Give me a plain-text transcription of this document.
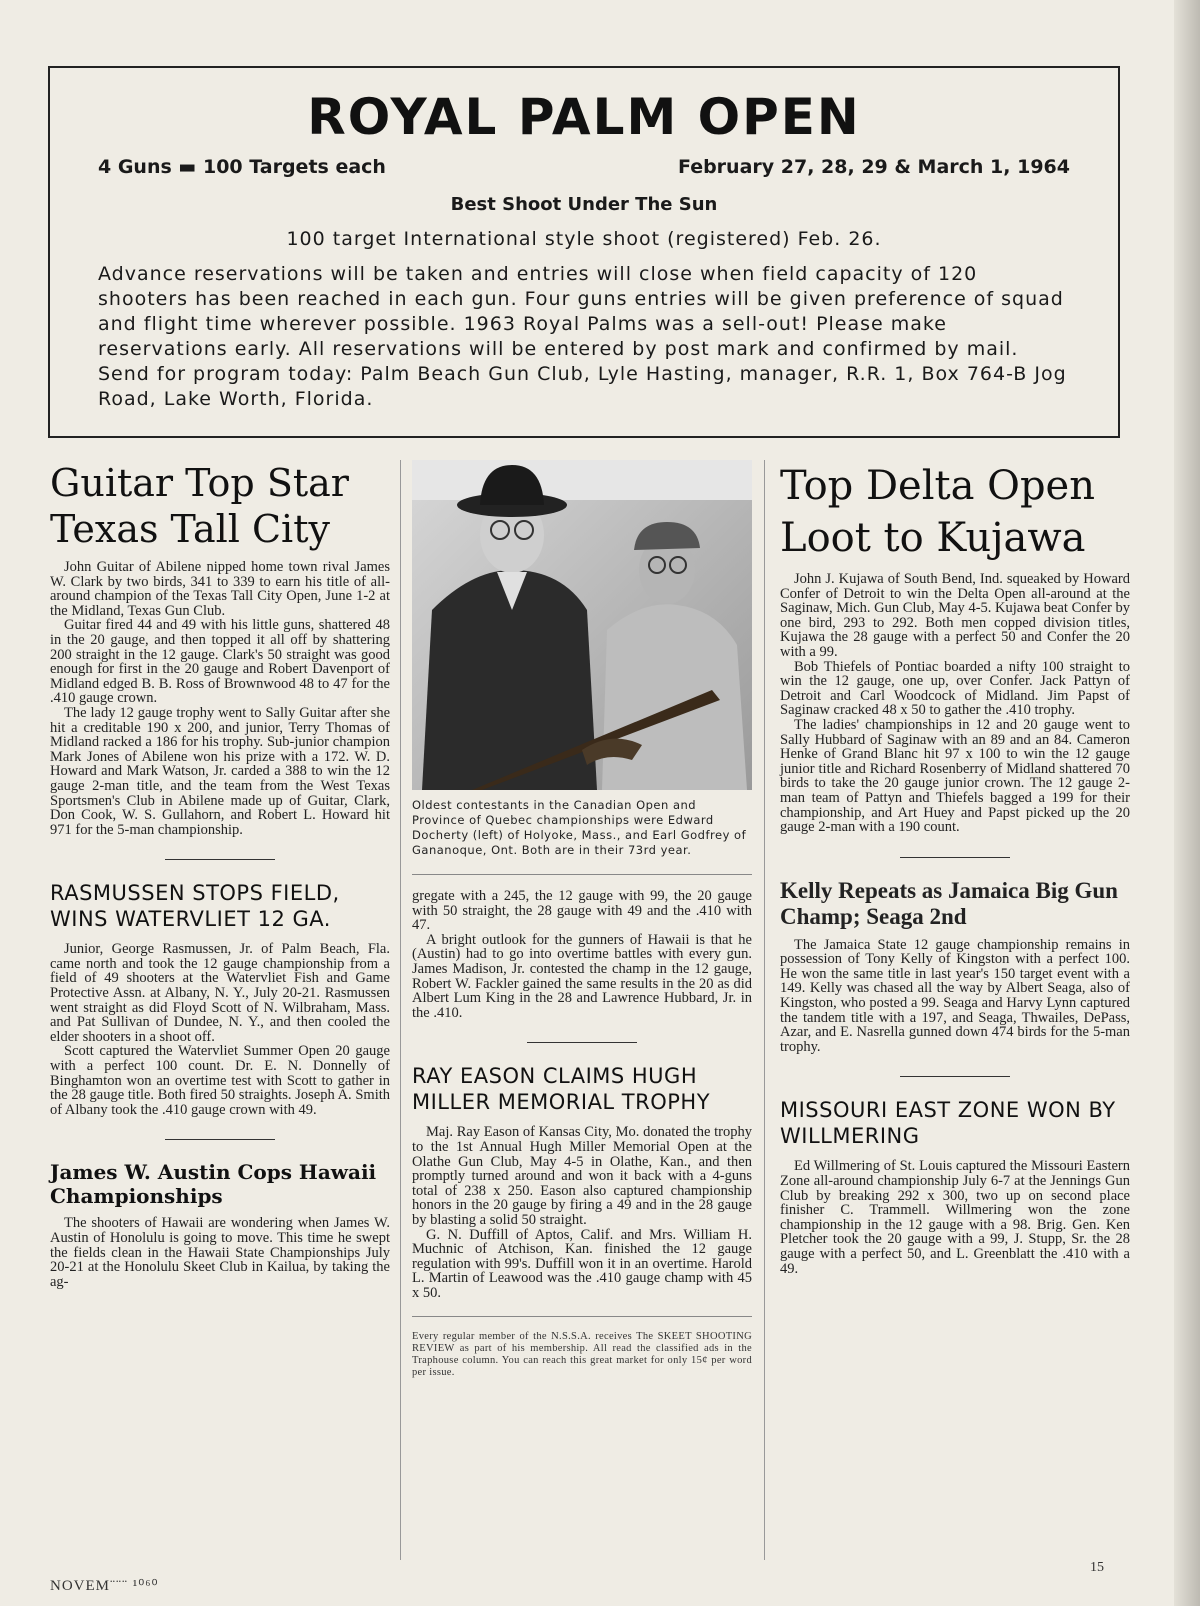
ROYAL PALM OPEN
4 Guns ▬ 100 Targets each	February 27, 28, 29 & March 1, 1964
Best Shoot Under The Sun
100 target International style shoot (registered) Feb. 26.
Advance reservations will be taken and entries will close when field capacity of 120 shooters has been reached in each gun. Four guns entries will be given preference of squad and flight time wherever possible. 1963 Royal Palms was a sell-out! Please make reservations early. All reservations will be entered by post mark and confirmed by mail. Send for program today: Palm Beach Gun Club, Lyle Hasting, manager, R.R. 1, Box 764-B Jog Road, Lake Worth, Florida.
Guitar Top Star Texas Tall City

John Guitar of Abilene nipped home town rival James W. Clark by two birds, 341 to 339 to earn his title of all-around champion of the Texas Tall City Open, June 1-2 at the Midland, Texas Gun Club.

Guitar fired 44 and 49 with his little guns, shattered 48 in the 20 gauge, and then topped it all off by shattering 200 straight in the 12 gauge. Clark's 50 straight was good enough for first in the 20 gauge and Robert Davenport of Midland edged B. B. Ross of Brownwood 48 to 47 for the .410 gauge crown.

The lady 12 gauge trophy went to Sally Guitar after she hit a creditable 190 x 200, and junior, Terry Thomas of Midland racked a 186 for his trophy. Sub-junior champion Mark Jones of Abilene won his prize with a 172. W. D. Howard and Mark Watson, Jr. carded a 388 to win the 12 gauge 2-man title, and the team from the West Texas Sportsmen's Club in Abilene made up of Guitar, Clark, Don Cook, W. S. Gullahorn, and Robert L. Howard hit 971 for the 5-man championship.

RASMUSSEN STOPS FIELD, WINS WATERVLIET 12 GA.

Junior, George Rasmussen, Jr. of Palm Beach, Fla. came north and took the 12 gauge championship from a field of 49 shooters at the Watervliet Fish and Game Protective Assn. at Albany, N. Y., July 20-21. Rasmussen went straight as did Floyd Scott of N. Wilbraham, Mass. and Pat Sullivan of Dundee, N. Y., and then cooled the elder shooters in a shoot off.

Scott captured the Watervliet Summer Open 20 gauge with a perfect 100 count. Dr. E. N. Donnelly of Binghamton won an overtime test with Scott to gather in the 28 gauge title. Both fired 50 straights. Joseph A. Smith of Albany took the .410 gauge crown with 49.

James W. Austin Cops Hawaii Championships

The shooters of Hawaii are wondering when James W. Austin of Honolulu is going to move. This time he swept the fields clean in the Hawaii State Championships July 20-21 at the Honolulu Skeet Club in Kailua, by taking the ag-

Oldest contestants in the Canadian Open and Province of Quebec championships were Edward Docherty (left) of Holyoke, Mass., and Earl Godfrey of Gananoque, Ont. Both are in their 73rd year.

gregate with a 245, the 12 gauge with 99, the 20 gauge with 50 straight, the 28 gauge with 49 and the .410 with 47.

A bright outlook for the gunners of Hawaii is that he (Austin) had to go into overtime battles with every gun. James Madison, Jr. contested the champ in the 12 gauge, Robert W. Fackler gained the same results in the 20 as did Albert Lum King in the 28 and Lawrence Hubbard, Jr. in the .410.

RAY EASON CLAIMS HUGH MILLER MEMORIAL TROPHY

Maj. Ray Eason of Kansas City, Mo. donated the trophy to the 1st Annual Hugh Miller Memorial Open at the Olathe Gun Club, May 4-5 in Olathe, Kan., and then promptly turned around and won it back with a 4-guns total of 238 x 250. Eason also captured championship honors in the 20 gauge by firing a 49 and in the 28 gauge by blasting a solid 50 straight.

G. N. Duffill of Aptos, Calif. and Mrs. William H. Muchnic of Atchison, Kan. finished the 12 gauge regulation with 99's. Duffill won it in an overtime. Harold L. Martin of Leawood was the .410 gauge champ with 45 x 50.

Every regular member of the N.S.S.A. receives The SKEET SHOOTING REVIEW as part of his membership. All read the classified ads in the Traphouse column. You can reach this great market for only 15¢ per word per issue.

Top Delta Open Loot to Kujawa

John J. Kujawa of South Bend, Ind. squeaked by Howard Confer of Detroit to win the Delta Open all-around at the Saginaw, Mich. Gun Club, May 4-5. Kujawa beat Confer by one bird, 293 to 292. Both men copped division titles, Kujawa the 28 gauge with a perfect 50 and Confer the 20 with a 99.

Bob Thiefels of Pontiac boarded a nifty 100 straight to win the 12 gauge, one up, over Confer. Jack Pattyn of Detroit and Carl Woodcock of Midland. Jim Papst of Saginaw cracked 48 x 50 to gather the .410 trophy.

The ladies' championships in 12 and 20 gauge went to Sally Hubbard of Saginaw with an 89 and an 84. Cameron Henke of Grand Blanc hit 97 x 100 to win the 12 gauge junior title and Richard Rosenberry of Midland shattered 70 birds to take the 20 gauge junior crown. The 12 gauge 2-man team of Pattyn and Thiefels bagged a 199 for their championship, and Art Huey and Papst picked up the 20 gauge 2-man with a 190 count.

Kelly Repeats as Jamaica Big Gun Champ; Seaga 2nd

The Jamaica State 12 gauge championship remains in possession of Tony Kelly of Kingston with a perfect 100. He won the same title in last year's 150 target event with a 149. Kelly was chased all the way by Albert Seaga, also of Kingston, who posted a 99. Seaga and Harvy Lynn captured the tandem title with a 197, and Seaga, Thwailes, DePass, Azar, and E. Nasrella gunned down 474 birds for the 5-man trophy.

MISSOURI EAST ZONE WON BY WILLMERING

Ed Willmering of St. Louis captured the Missouri Eastern Zone all-around championship July 6-7 at the Jennings Gun Club by breaking 292 x 300, two up on second place finisher C. Trammell. Willmering won the zone championship in the 12 gauge with a 98. Brig. Gen. Ken Pletcher took the 20 gauge with a 99, J. Stupp, Sr. the 28 gauge with a perfect 50, and L. Greenblatt the .410 with a 49.

NOVEM¨¨¨ ¹⁰⁶⁰
15
